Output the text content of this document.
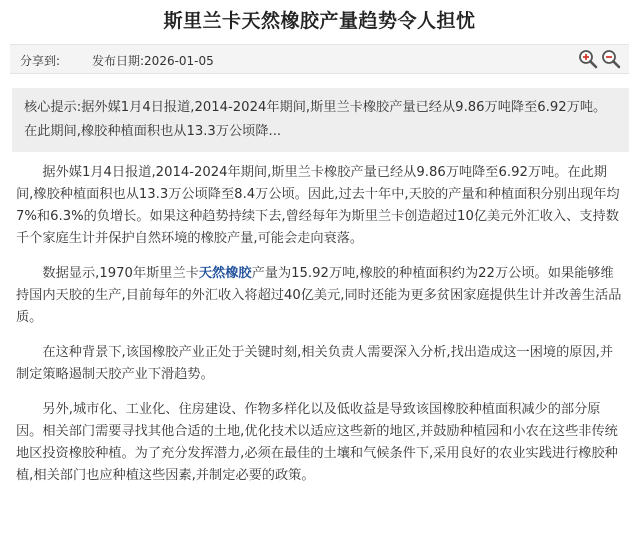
斯里兰卡天然橡胶产量趋势令人担忧
分享到:	发布日期:2026-01-05
核心提示:据外媒1月4日报道,2014-2024年期间,斯里兰卡橡胶产量已经从9.86万吨降至6.92万吨。在此期间,橡胶种植面积也从13.3万公顷降...

据外媒1月4日报道,2014-2024年期间,斯里兰卡橡胶产量已经从9.86万吨降至6.92万吨。在此期间,橡胶种植面积也从13.3万公顷降至8.4万公顷。因此,过去十年中,天胶的产量和种植面积分别出现年均7%和6.3%的负增长。如果这种趋势持续下去,曾经每年为斯里兰卡创造超过10亿美元外汇收入、支持数千个家庭生计并保护自然环境的橡胶产量,可能会走向衰落。

数据显示,1970年斯里兰卡天然橡胶产量为15.92万吨,橡胶的种植面积约为22万公顷。如果能够维持国内天胶的生产,目前每年的外汇收入将超过40亿美元,同时还能为更多贫困家庭提供生计并改善生活品质。

在这种背景下,该国橡胶产业正处于关键时刻,相关负责人需要深入分析,找出造成这一困境的原因,并制定策略遏制天胶产业下滑趋势。

另外,城市化、工业化、住房建设、作物多样化以及低收益是导致该国橡胶种植面积减少的部分原因。相关部门需要寻找其他合适的土地,优化技术以适应这些新的地区,并鼓励种植园和小农在这些非传统地区投资橡胶种植。为了充分发挥潜力,必须在最佳的土壤和气候条件下,采用良好的农业实践进行橡胶种植,相关部门也应种植这些因素,并制定必要的政策。
